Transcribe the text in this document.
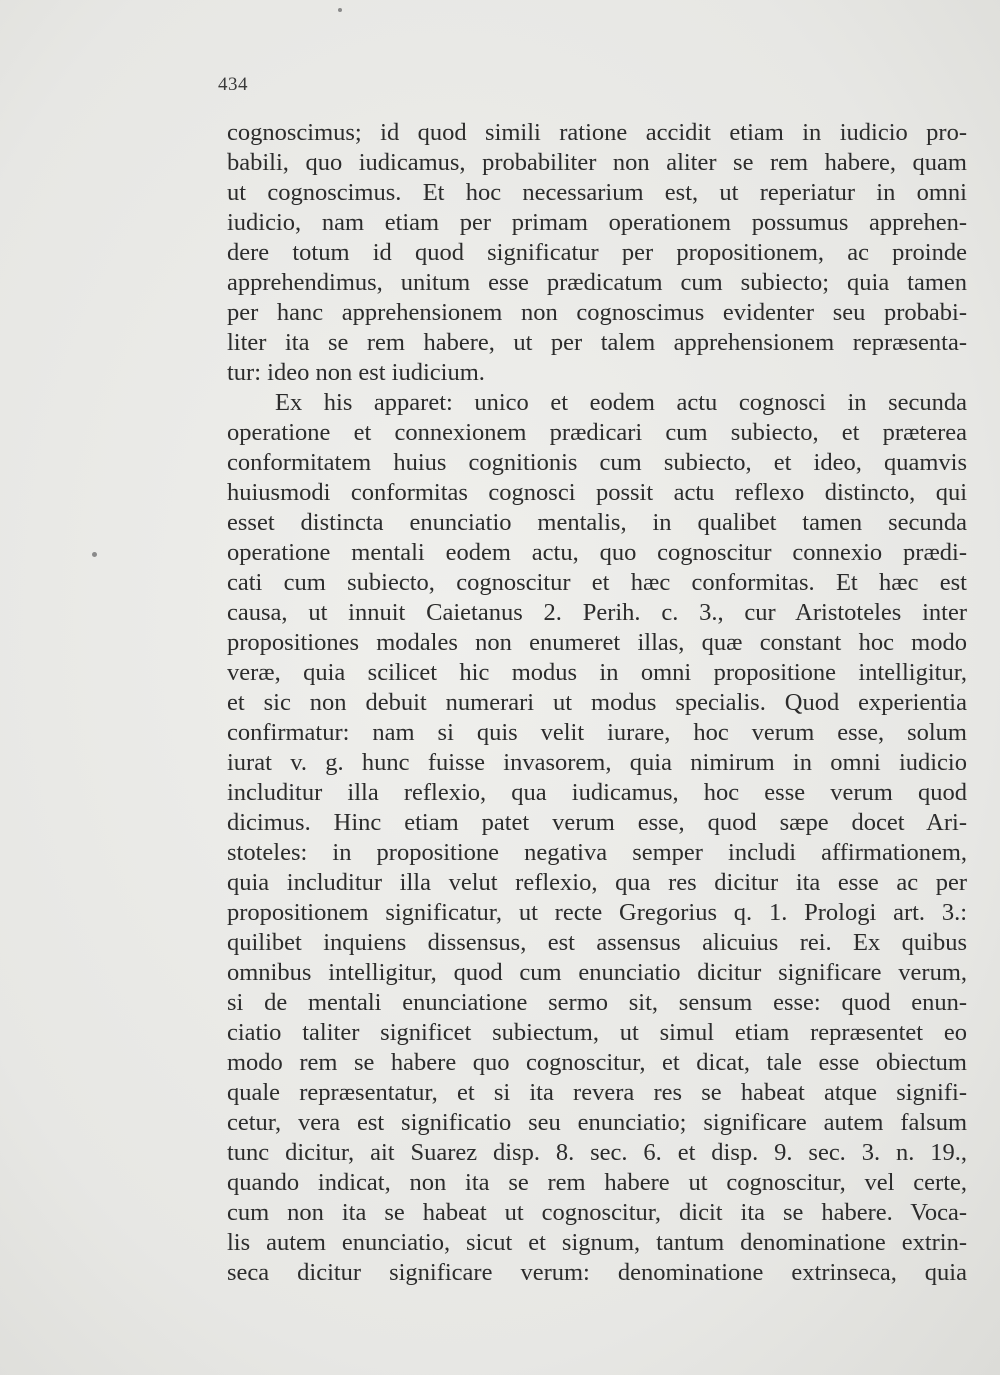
434
cognoscimus; id quod simili ratione accidit etiam in iudicio pro-
babili, quo iudicamus, probabiliter non aliter se rem habere, quam
ut cognoscimus. Et hoc necessarium est, ut reperiatur in omni
iudicio, nam etiam per primam operationem possumus apprehen-
dere totum id quod significatur per propositionem, ac proinde
apprehendimus, unitum esse prædicatum cum subiecto; quia tamen
per hanc apprehensionem non cognoscimus evidenter seu probabi-
liter ita se rem habere, ut per talem apprehensionem repræsenta-
tur: ideo non est iudicium.
Ex his apparet: unico et eodem actu cognosci in secunda
operatione et connexionem prædicari cum subiecto, et præterea
conformitatem huius cognitionis cum subiecto, et ideo, quamvis
huiusmodi conformitas cognosci possit actu reflexo distincto, qui
esset distincta enunciatio mentalis, in qualibet tamen secunda
operatione mentali eodem actu, quo cognoscitur connexio prædi-
cati cum subiecto, cognoscitur et hæc conformitas. Et hæc est
causa, ut innuit Caietanus 2. Perih. c. 3., cur Aristoteles inter
propositiones modales non enumeret illas, quæ constant hoc modo
veræ, quia scilicet hic modus in omni propositione intelligitur,
et sic non debuit numerari ut modus specialis. Quod experientia
confirmatur: nam si quis velit iurare, hoc verum esse, solum
iurat v. g. hunc fuisse invasorem, quia nimirum in omni iudicio
includitur illa reflexio, qua iudicamus, hoc esse verum quod
dicimus. Hinc etiam patet verum esse, quod sæpe docet Ari-
stoteles: in propositione negativa semper includi affirmationem,
quia includitur illa velut reflexio, qua res dicitur ita esse ac per
propositionem significatur, ut recte Gregorius q. 1. Prologi art. 3.:
quilibet inquiens dissensus, est assensus alicuius rei. Ex quibus
omnibus intelligitur, quod cum enunciatio dicitur significare verum,
si de mentali enunciatione sermo sit, sensum esse: quod enun-
ciatio taliter significet subiectum, ut simul etiam repræsentet eo
modo rem se habere quo cognoscitur, et dicat, tale esse obiectum
quale repræsentatur, et si ita revera res se habeat atque signifi-
cetur, vera est significatio seu enunciatio; significare autem falsum
tunc dicitur, ait Suarez disp. 8. sec. 6. et disp. 9. sec. 3. n. 19.,
quando indicat, non ita se rem habere ut cognoscitur, vel certe,
cum non ita se habeat ut cognoscitur, dicit ita se habere. Voca-
lis autem enunciatio, sicut et signum, tantum denominatione extrin-
seca dicitur significare verum: denominatione extrinseca, quia
